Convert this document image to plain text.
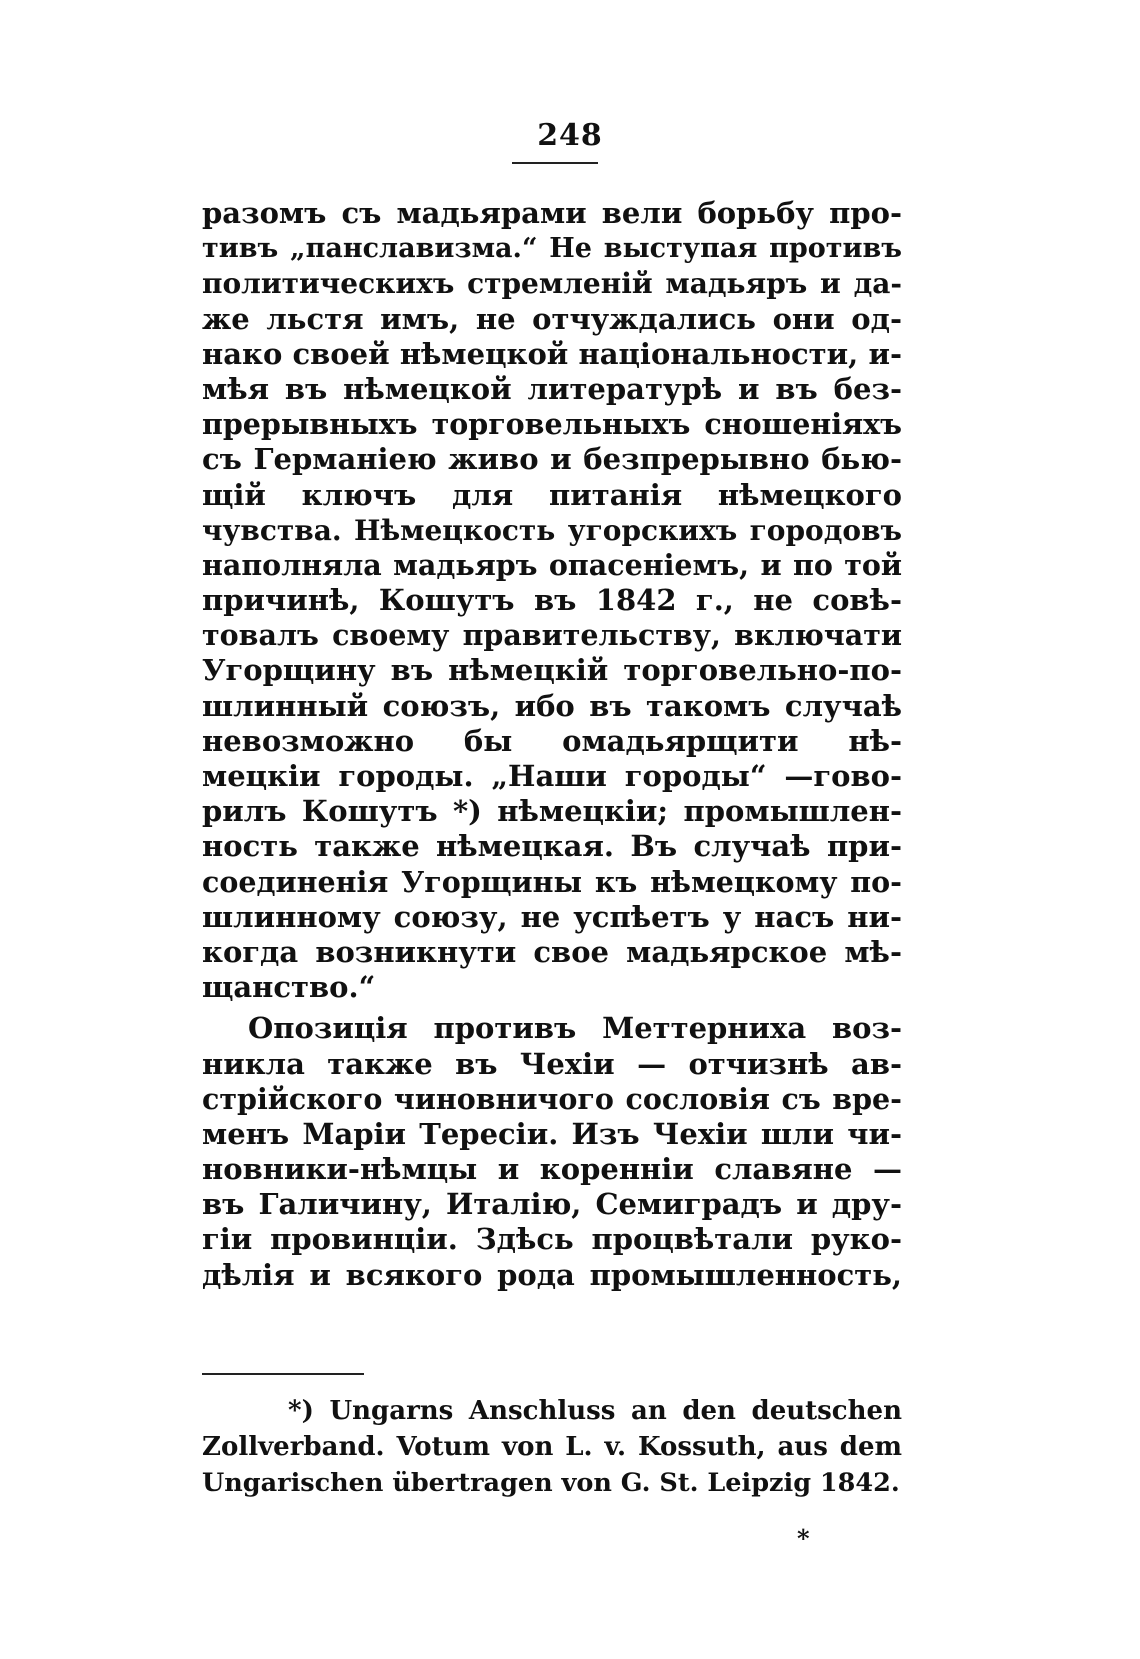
248
разомъ съ мадьярами вели борьбу про-
тивъ „панславизма.“ Не выступая противъ
политическихъ стремленій мадьяръ и да-
же льстя имъ, не отчуждались они од-
нако своей нѣмецкой національности, и-
мѣя въ нѣмецкой литературѣ и въ без-
прерывныхъ торговельныхъ сношеніяхъ
съ Германіею живо и безпрерывно бью-
щій ключъ для питанія нѣмецкого
чувства. Нѣмецкость угорскихъ городовъ
наполняла мадьяръ опасеніемъ, и по той
причинѣ, Кошутъ въ 1842 г., не совѣ-
товалъ своему правительству, включати
Угорщину въ нѣмецкій торговельно-по-
шлинный союзъ, ибо въ такомъ случаѣ
невозможно бы омадьярщити нѣ-
мецкіи городы. „Наши городы“ —гово-
рилъ Кошутъ *) нѣмецкіи; промышлен-
ность также нѣмецкая. Въ случаѣ при-
соединенія Угорщины къ нѣмецкому по-
шлинному союзу, не успѣетъ у насъ ни-
когда возникнути свое мадьярское мѣ-
щанство.“
Опозиція противъ Меттерниха воз-
никла также въ Чехіи — отчизнѣ ав-
стрійского чиновничого сословія съ вре-
менъ Маріи Тересіи. Изъ Чехіи шли чи-
новники-нѣмцы и коренніи славяне —
въ Галичину, Италію, Семиградъ и дру-
гіи провинціи. Здѣсь процвѣтали руко-
дѣлія и всякого рода промышленность,
*) Ungarns Anschluss an den deutschen
Zollverband. Votum von L. v. Kossuth, aus dem
Ungarischen übertragen von G. St. Leipzig 1842.
*
